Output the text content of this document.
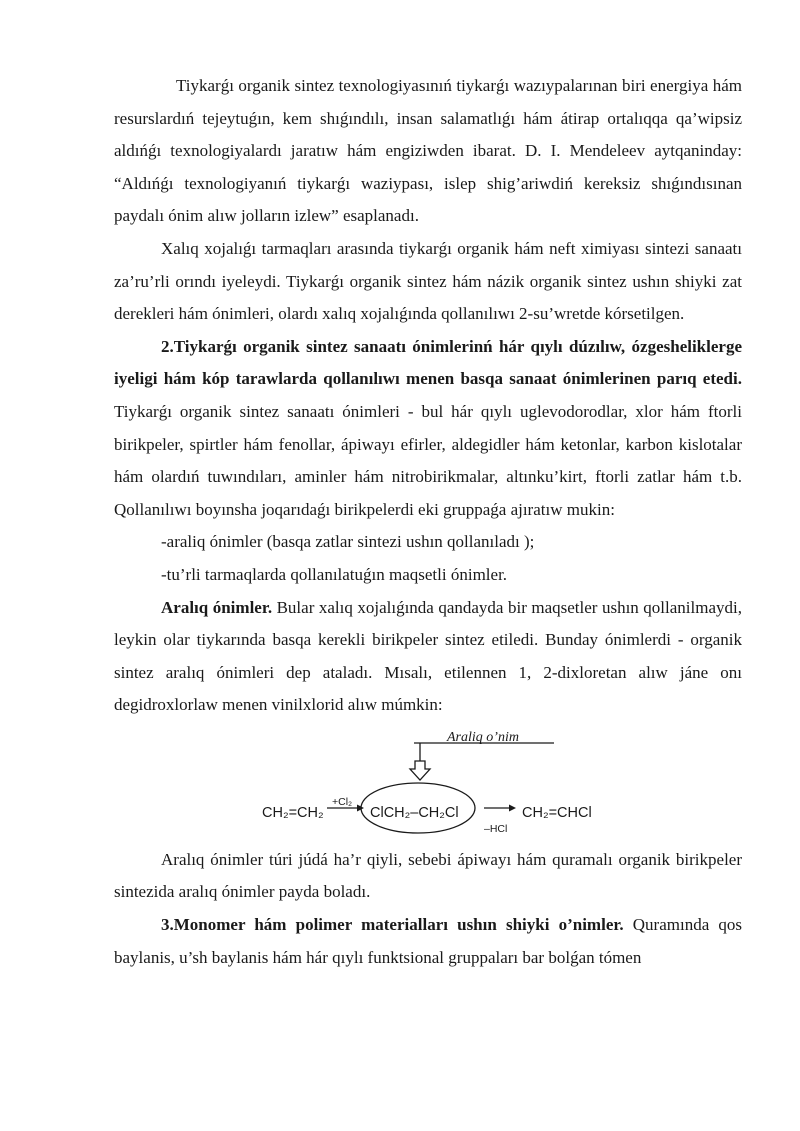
Tiykarǵı organik sintez texnologiyasınıń tiykarǵı wazıypalarınan biri energiya hám resurslardıń tejeytuǵın, kem shıǵındılı, insan salamatlıǵı hám átirap ortalıqqa qa’wipsiz aldıńǵı texnologiyalardı jaratıw hám engiziwden ibarat. D. I. Mendeleev aytqaninday: “Aldıńǵı texnologiyanıń tiykarǵı waziypası, islep shig’ariwdiń kereksiz shıǵındısınan paydalı ónim alıw jolların izlew” esaplanadı.

Xalıq xojalıǵı tarmaqları arasında tiykarǵı organik hám neft ximiyası sintezi sanaatı za’ru’rli orındı iyeleydi. Tiykarǵı organik sintez hám názik organik sintez ushın shiyki zat derekleri hám ónimleri, olardı xalıq xojalıǵında qollanılıwı 2-su’wretde kórsetilgen.

2.Tiykarǵı organik sintez sanaatı ónimlerinń hár qıylı dúzılıw, ózgesheliklerge iyeligi hám kóp tarawlarda qollanılıwı menen basqa sanaat ónimlerinen parıq etedi. Tiykarǵı organik sintez sanaatı ónimleri - bul hár qıylı uglevodorodlar, xlor hám ftorli birikpeler, spirtler hám fenollar, ápiwayı efirler, aldegidler hám ketonlar, karbon kislotalar hám olardıń tuwındıları, aminler hám nitrobirikmalar, altınku’kirt, ftorli zatlar hám t.b. Qollanılıwı boyınsha joqarıdaǵı birikpelerdi eki gruppaǵa ajıratıw mukin:

-araliq ónimler (basqa zatlar sintezi ushın qollanıladı );

-tu’rli tarmaqlarda qollanılatuǵın maqsetli ónimler.

Aralıq ónimler. Bular xalıq xojalıǵında qandayda bir maqsetler ushın qollanilmaydi, leykin olar tiykarında basqa kerekli birikpeler sintez etiledi. Bunday ónimlerdi - organik sintez aralıq ónimleri dep ataladı. Mısalı, etilennen 1, 2-dixloretan alıw jáne onı degidroxlorlaw menen vinilxlorid alıw múmkin:

Araliq o’nim
CH₂=CH₂
+Cl₂
ClCH₂–CH₂Cl
–HCl
CH₂=CHCl

Aralıq ónimler túri júdá ha’r qiyli, sebebi ápiwayı hám quramalı organik birikpeler sintezida aralıq ónimler payda boladı.

3.Monomer hám polimer materialları ushın shiyki o’nimler. Quramında qos baylanis, u’sh baylanis hám hár qıylı funktsional gruppaları bar bolǵan tómen
